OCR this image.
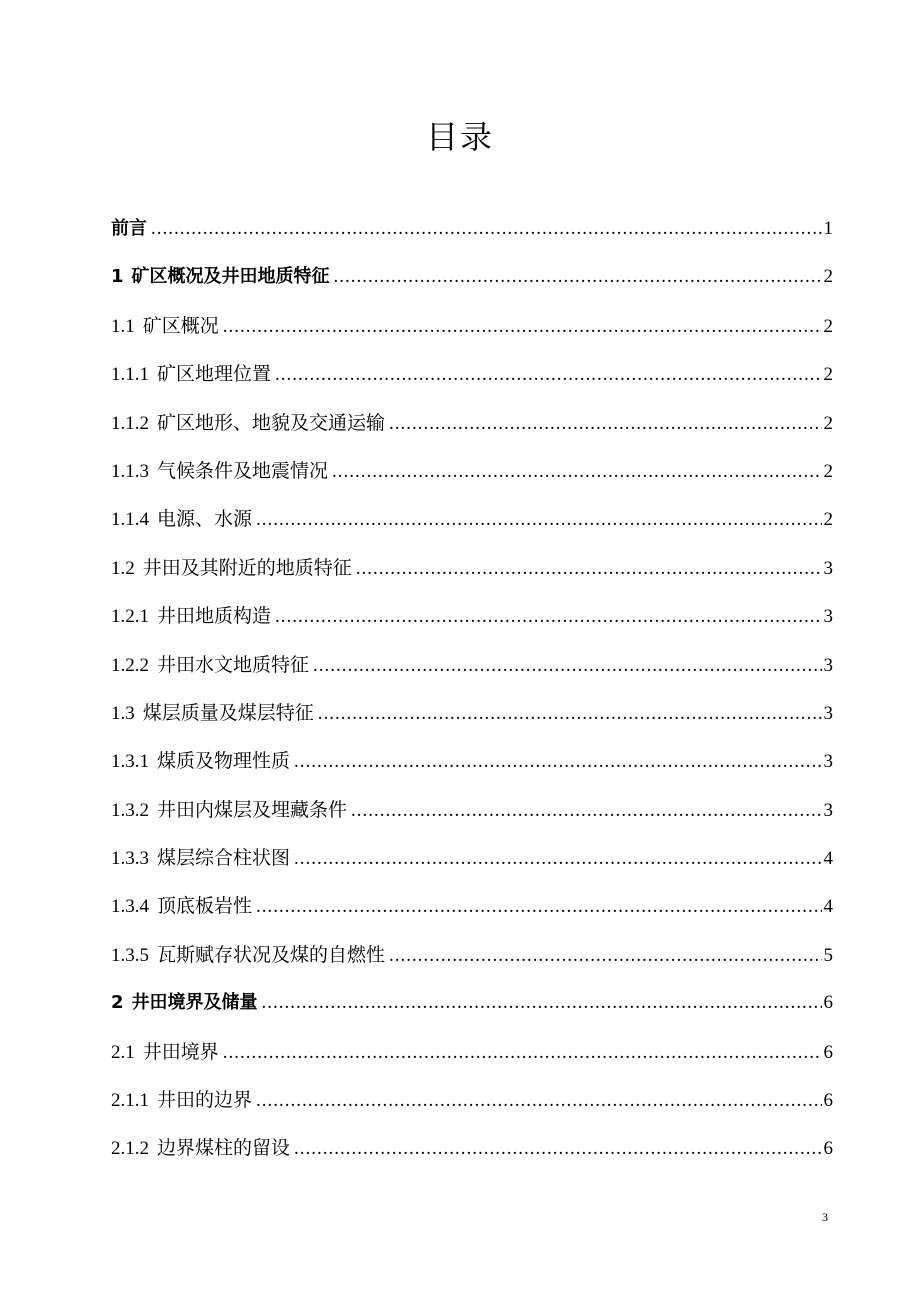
目录
前言 .....	1
1 矿区概况及井田地质特征 .....	2
1.1 矿区概况 .....	2
1.1.1 矿区地理位置 .....	2
1.1.2 矿区地形、地貌及交通运输 .....	2
1.1.3 气候条件及地震情况 .....	2
1.1.4 电源、水源 .....	2
1.2 井田及其附近的地质特征 .....	3
1.2.1 井田地质构造 .....	3
1.2.2 井田水文地质特征 .....	3
1.3 煤层质量及煤层特征 .....	3
1.3.1 煤质及物理性质 .....	3
1.3.2 井田内煤层及埋藏条件 .....	3
1.3.3 煤层综合柱状图 .....	4
1.3.4 顶底板岩性 .....	4
1.3.5 瓦斯赋存状况及煤的自燃性 .....	5
2 井田境界及储量 .....	6
2.1 井田境界 .....	6
2.1.1 井田的边界 .....	6
2.1.2 边界煤柱的留设 .....	6
3
